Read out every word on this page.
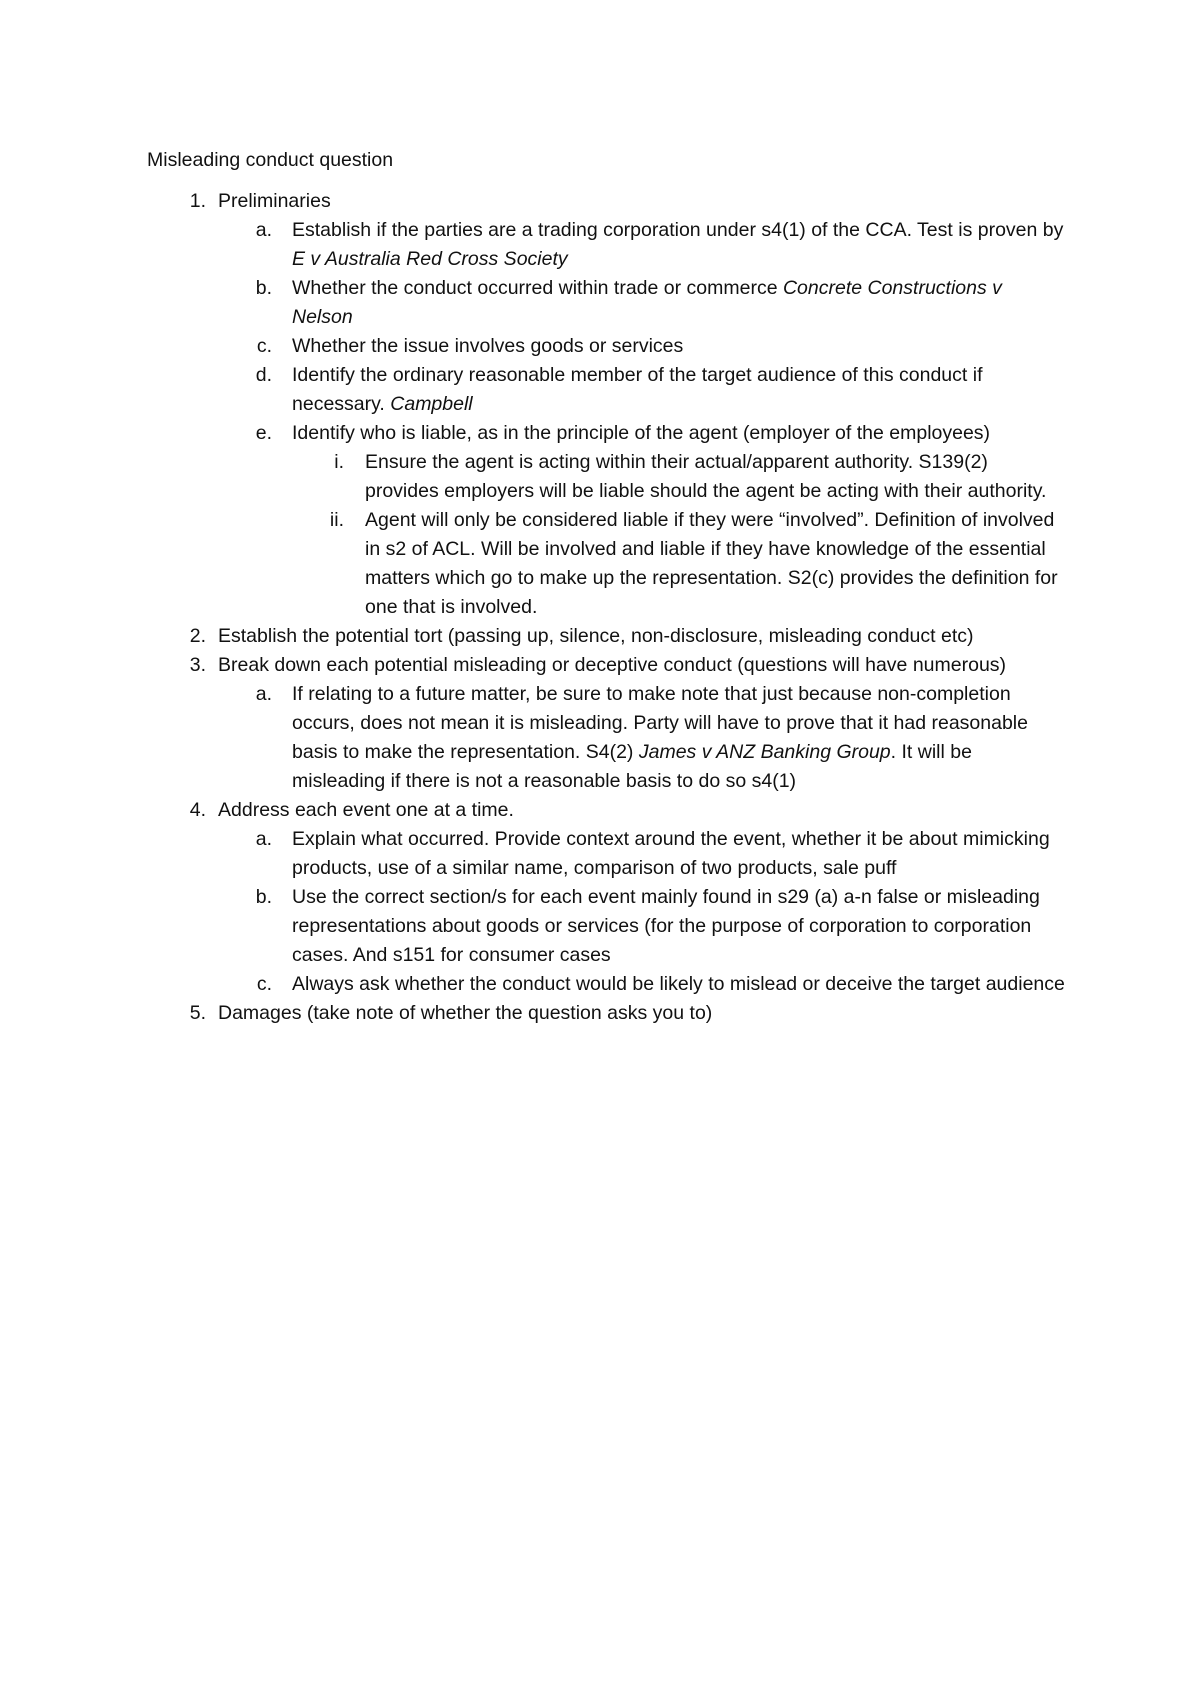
Misleading conduct question
1. Preliminaries
a. Establish if the parties are a trading corporation under s4(1) of the CCA. Test is proven by E v Australia Red Cross Society
b. Whether the conduct occurred within trade or commerce Concrete Constructions v Nelson
c. Whether the issue involves goods or services
d. Identify the ordinary reasonable member of the target audience of this conduct if necessary. Campbell
e. Identify who is liable, as in the principle of the agent (employer of the employees)
i. Ensure the agent is acting within their actual/apparent authority. S139(2) provides employers will be liable should the agent be acting with their authority.
ii. Agent will only be considered liable if they were “involved”. Definition of involved in s2 of ACL. Will be involved and liable if they have knowledge of the essential matters which go to make up the representation. S2(c) provides the definition for one that is involved.
2. Establish the potential tort (passing up, silence, non-disclosure, misleading conduct etc)
3. Break down each potential misleading or deceptive conduct (questions will have numerous)
a. If relating to a future matter, be sure to make note that just because non-completion occurs, does not mean it is misleading. Party will have to prove that it had reasonable basis to make the representation. S4(2) James v ANZ Banking Group. It will be misleading if there is not a reasonable basis to do so s4(1)
4. Address each event one at a time.
a. Explain what occurred. Provide context around the event, whether it be about mimicking products, use of a similar name, comparison of two products, sale puff
b. Use the correct section/s for each event mainly found in s29 (a) a-n false or misleading representations about goods or services (for the purpose of corporation to corporation cases. And s151 for consumer cases
c. Always ask whether the conduct would be likely to mislead or deceive the target audience
5. Damages (take note of whether the question asks you to)
